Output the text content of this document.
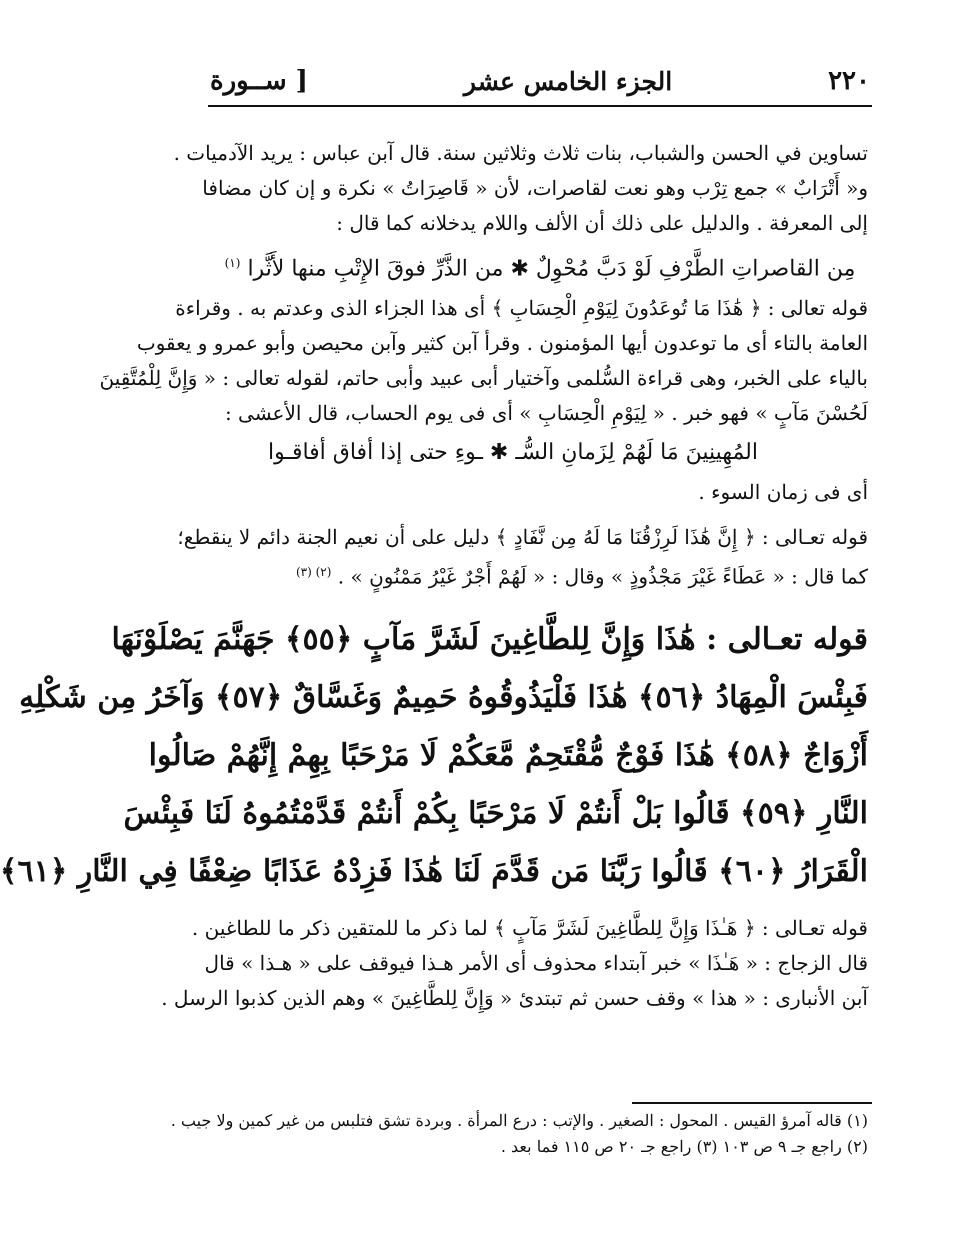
٢٢٠
الجزء الخامس عشر
[ ســورة
تساوين في الحسن والشباب، بنات ثلاث وثلاثين سنة. قال آبن عباس : يريد الآدميات .
و« أَتْرَابٌ » جمع تِرْب وهو نعت لقاصرات، لأن « قَاصِرَاتُ » نكرة و إن كان مضافا
إلى المعرفة . والدليل على ذلك أن الألف واللام يدخلانه كما قال :
مِن القاصراتِ الطَّرْفِ لَوْ دَبَّ مُحْوِلٌ ✱ من الذَّرِّ فوقَ الإِتْبِ منها لأَثَّرا $^{(١)}$
قوله تعالى : ﴿ هَٰذَا مَا تُوعَدُونَ لِيَوْمِ الْحِسَابِ ﴾ أى هذا الجزاء الذى وعدتم به . وقراءة
العامة بالتاء أى ما توعدون أيها المؤمنون . وقرأ آبن كثير وآبن محيصن وأبو عمرو و يعقوب
بالياء على الخبر، وهى قراءة السُّلمى وآختيار أبى عبيد وأبى حاتم، لقوله تعالى : « وَإِنَّ لِلْمُتَّقِينَ
لَحُسْنَ مَآبٍ » فهو خبر . « لِيَوْمِ الْحِسَابِ » أى فى يوم الحساب، قال الأعشى :
المُهِينِينَ مَا لَهُمْ لِزَمانِ السُّـ ✱ ـوءِ حتى إذا أفاق أفاقـوا
أى فى زمان السوء .
قوله تعـالى : ﴿ إِنَّ هَٰذَا لَرِزْقُنَا مَا لَهُ مِن نَّفَادٍ ﴾ دليل على أن نعيم الجنة دائم لا ينقطع؛
كما قال : « عَطَاءً غَيْرَ مَجْذُوذٍ » وقال : « لَهُمْ أَجْرٌ غَيْرُ مَمْنُونٍ » . $^{(٢) (٣)}$
قوله تعـالى : هَٰذَا وَإِنَّ لِلطَّاغِينَ لَشَرَّ مَآبٍ ﴿٥٥﴾ جَهَنَّمَ يَصْلَوْنَهَا
فَبِئْسَ الْمِهَادُ ﴿٥٦﴾ هَٰذَا فَلْيَذُوقُوهُ حَمِيمٌ وَغَسَّاقٌ ﴿٥٧﴾ وَآخَرُ مِن شَكْلِهِ
أَزْوَاجٌ ﴿٥٨﴾ هَٰذَا فَوْجٌ مُّقْتَحِمٌ مَّعَكُمْ لَا مَرْحَبًا بِهِمْ إِنَّهُمْ صَالُوا
النَّارِ ﴿٥٩﴾ قَالُوا بَلْ أَنتُمْ لَا مَرْحَبًا بِكُمْ أَنتُمْ قَدَّمْتُمُوهُ لَنَا فَبِئْسَ
الْقَرَارُ ﴿٦٠﴾ قَالُوا رَبَّنَا مَن قَدَّمَ لَنَا هَٰذَا فَزِدْهُ عَذَابًا ضِعْفًا فِي النَّارِ ﴿٦١﴾
قوله تعـالى : ﴿ هَـٰذَا وَإِنَّ لِلطَّاغِينَ لَشَرَّ مَآبٍ ﴾ لما ذكر ما للمتقين ذكر ما للطاغين .
قال الزجاج : « هَـٰذَا » خبر آبتداء محذوف أى الأمر هـذا فيوقف على « هـذا » قال
آبن الأنبارى : « هذا » وقف حسن ثم تبتدئ « وَإِنَّ لِلطَّاغِينَ » وهم الذين كذبوا الرسل .
(١) قاله آمرؤ القيس . المحول : الصغير . والإتب : درع المرأة . وبردة تشق فتلبس من غير كمين ولا جيب .
(٢) راجع جـ ٩ ص ١٠٣ (٣) راجع جـ ٢٠ ص ١١٥ فما بعد .
